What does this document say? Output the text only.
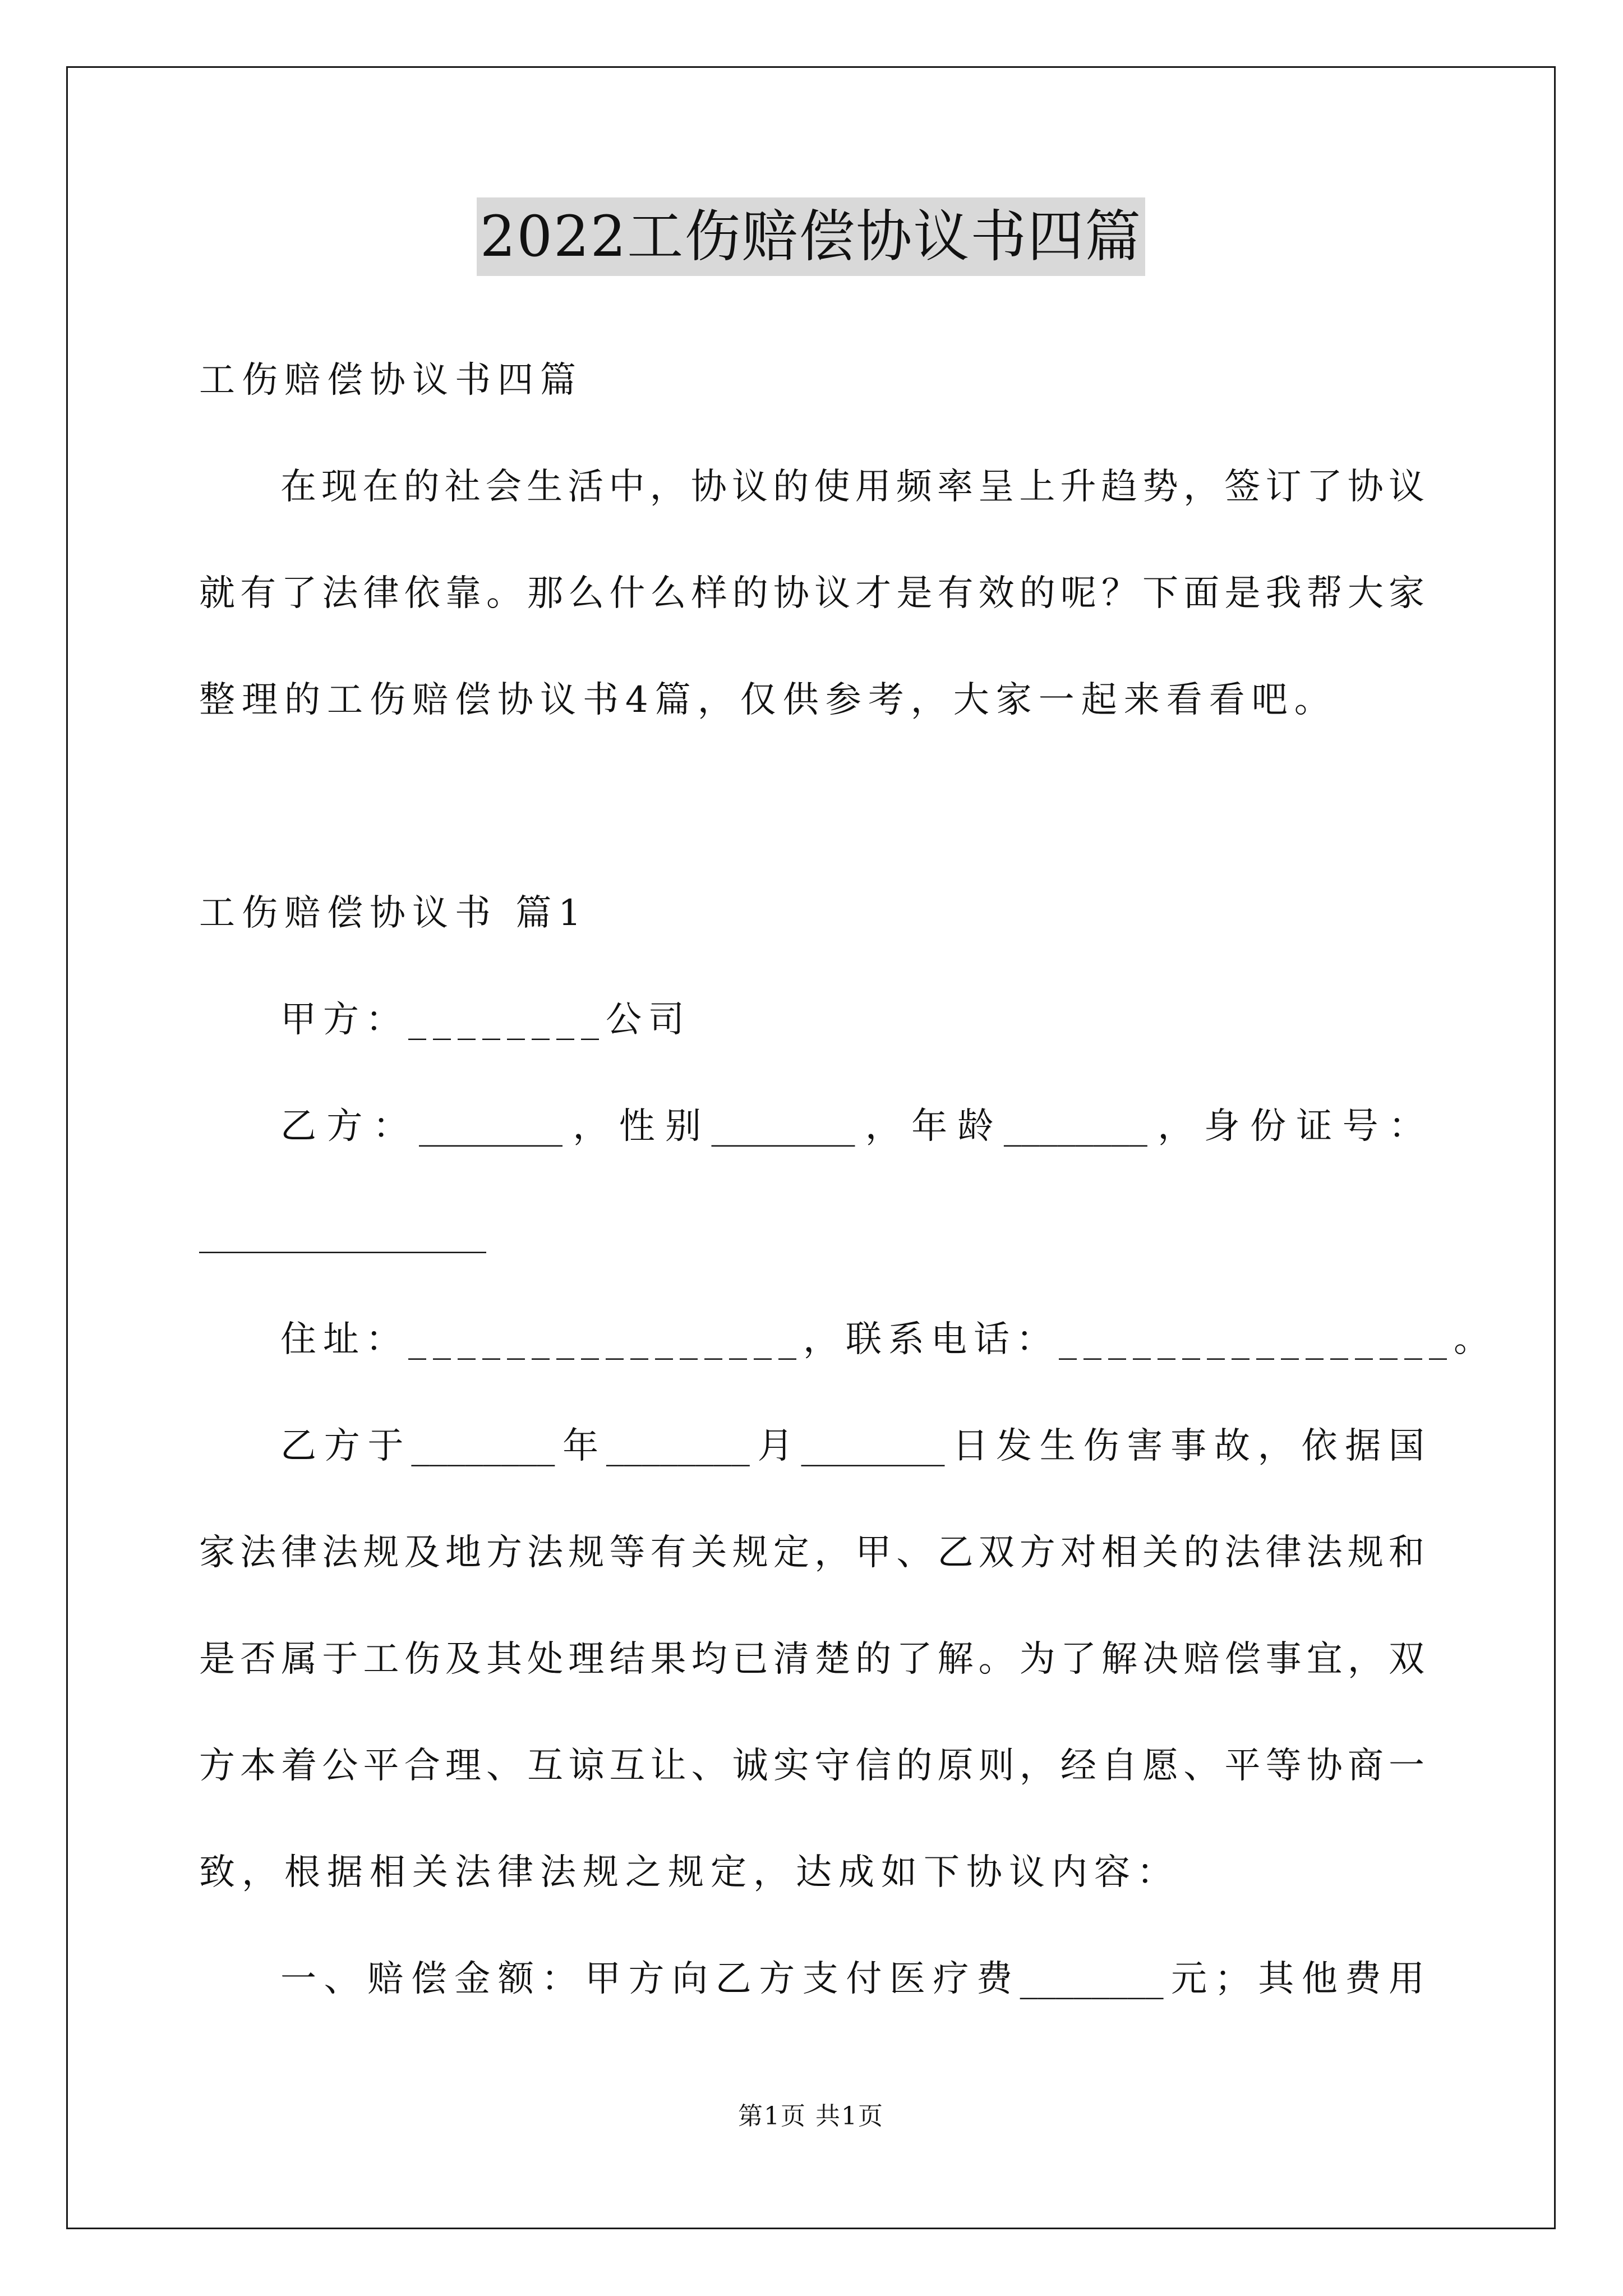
2022工伤赔偿协议书四篇
工伤赔偿协议书四篇
在现在的社会生活中，协议的使用频率呈上升趋势，签订了协议
就有了法律依靠。那么什么样的协议才是有效的呢？下面是我帮大家
整理的工伤赔偿协议书4篇，仅供参考，大家一起来看看吧。
工伤赔偿协议书 篇1
甲方：________公司
乙方：________，性别________，年龄________，身份证号：
________________
住址：________________，联系电话：________________。
乙方于________年________月________日发生伤害事故，依据国
家法律法规及地方法规等有关规定，甲、乙双方对相关的法律法规和
是否属于工伤及其处理结果均已清楚的了解。为了解决赔偿事宜，双
方本着公平合理、互谅互让、诚实守信的原则，经自愿、平等协商一
致，根据相关法律法规之规定，达成如下协议内容：
一、赔偿金额：甲方向乙方支付医疗费________元；其他费用
第1页 共1页
